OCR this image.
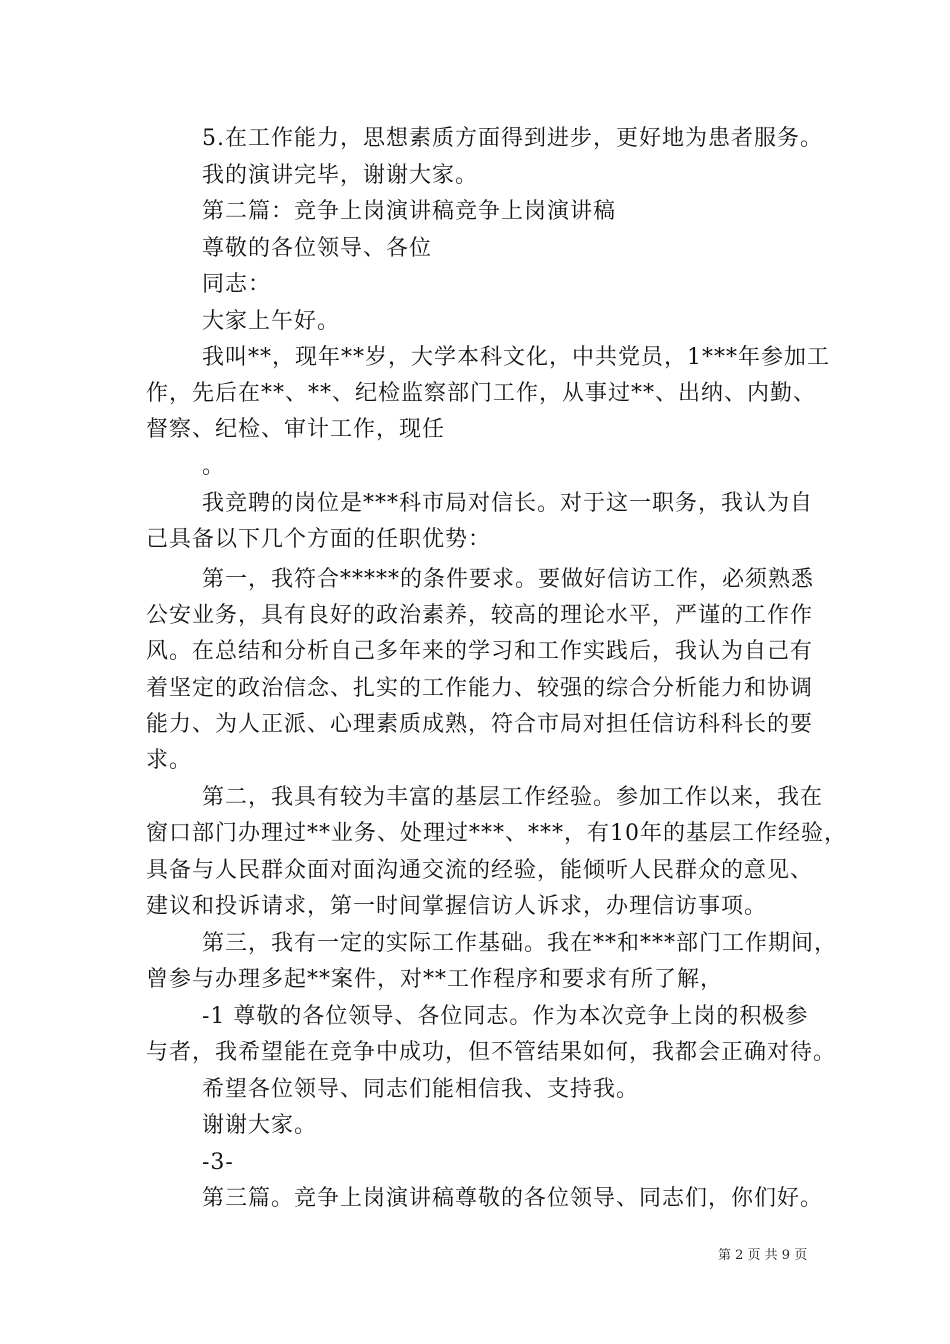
5.在工作能力，思想素质方面得到进步，更好地为患者服务。
我的演讲完毕，谢谢大家。
第二篇：竞争上岗演讲稿竞争上岗演讲稿
尊敬的各位领导、各位
同志：
大家上午好。
我叫**，现年**岁，大学本科文化，中共党员，1***年参加工
作，先后在**、**、纪检监察部门工作，从事过**、出纳、内勤、
督察、纪检、审计工作，现任
。
我竞聘的岗位是***科市局对信长。对于这一职务，我认为自
己具备以下几个方面的任职优势：
第一，我符合*****的条件要求。要做好信访工作，必须熟悉
公安业务，具有良好的政治素养，较高的理论水平，严谨的工作作
风。在总结和分析自己多年来的学习和工作实践后，我认为自己有
着坚定的政治信念、扎实的工作能力、较强的综合分析能力和协调
能力、为人正派、心理素质成熟，符合市局对担任信访科科长的要
求。
第二，我具有较为丰富的基层工作经验。参加工作以来，我在
窗口部门办理过**业务、处理过***、***，有10年的基层工作经验，
具备与人民群众面对面沟通交流的经验，能倾听人民群众的意见、
建议和投诉请求，第一时间掌握信访人诉求，办理信访事项。
第三，我有一定的实际工作基础。我在**和***部门工作期间，
曾参与办理多起**案件，对**工作程序和要求有所了解，
-1 尊敬的各位领导、各位同志。作为本次竞争上岗的积极参
与者，我希望能在竞争中成功，但不管结果如何，我都会正确对待。
希望各位领导、同志们能相信我、支持我。
谢谢大家。
-3-
第三篇。竞争上岗演讲稿尊敬的各位领导、同志们，你们好。
第 2 页 共 9 页
